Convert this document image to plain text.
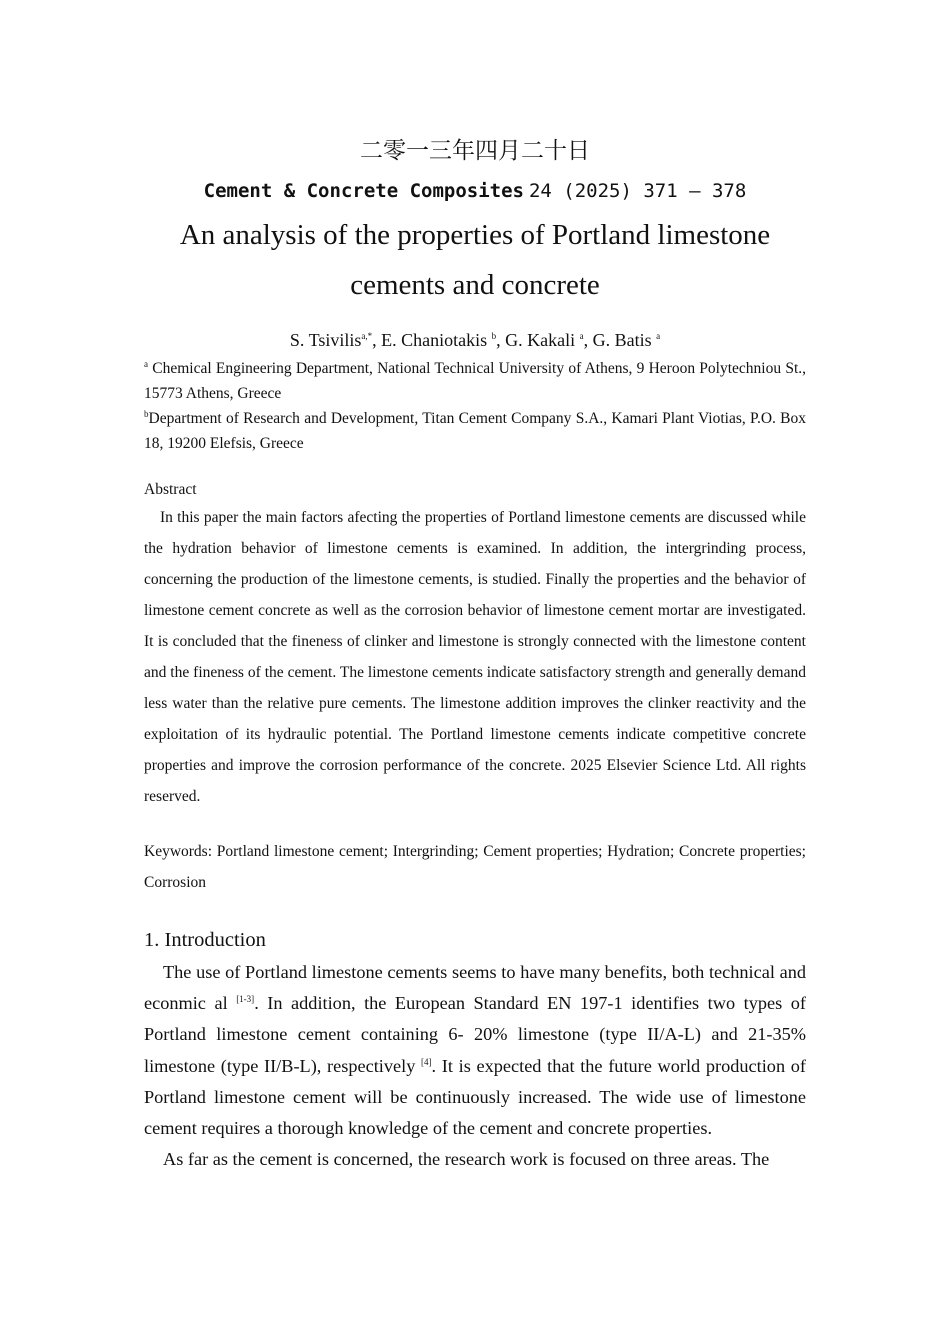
二零一三年四月二十日
Cement & Concrete Composites 24 (2025) 371 – 378
An analysis of the properties of Portland limestone
cements and concrete
S. Tsivilis$^{a,*}$, E. Chaniotakis $^b$, G. Kakali $^a$, G. Batis $^a$
$^a$ Chemical Engineering Department, National Technical University of Athens, 9 Heroon Polytechniou St., 15773 Athens, Greece
$^b$Department of Research and Development, Titan Cement Company S.A., Kamari Plant Viotias, P.O. Box 18, 19200 Elefsis, Greece
Abstract
In this paper the main factors afecting the properties of Portland limestone cements are discussed while the hydration behavior of limestone cements is examined. In addition, the intergrinding process, concerning the production of the limestone cements, is studied. Finally the properties and the behavior of limestone cement concrete as well as the corrosion behavior of limestone cement mortar are investigated. It is concluded that the fineness of clinker and limestone is strongly connected with the limestone content and the fineness of the cement. The limestone cements indicate satisfactory strength and generally demand less water than the relative pure cements. The limestone addition improves the clinker reactivity and the exploitation of its hydraulic potential. The Portland limestone cements indicate competitive concrete properties and improve the corrosion performance of the concrete. 2025 Elsevier Science Ltd. All rights reserved.
Keywords: Portland limestone cement; Intergrinding; Cement properties; Hydration; Concrete properties; Corrosion
1. Introduction

The use of Portland limestone cements seems to have many benefits, both technical and econmic al [1-3]. In addition, the European Standard EN 197-1 identifies two types of Portland limestone cement containing 6- 20% limestone (type II/A-L) and 21-35% limestone (type II/B-L), respectively [4]. It is expected that the future world production of Portland limestone cement will be continuously increased. The wide use of limestone cement requires a thorough knowledge of the cement and concrete properties.

As far as the cement is concerned, the research work is focused on three areas. The
